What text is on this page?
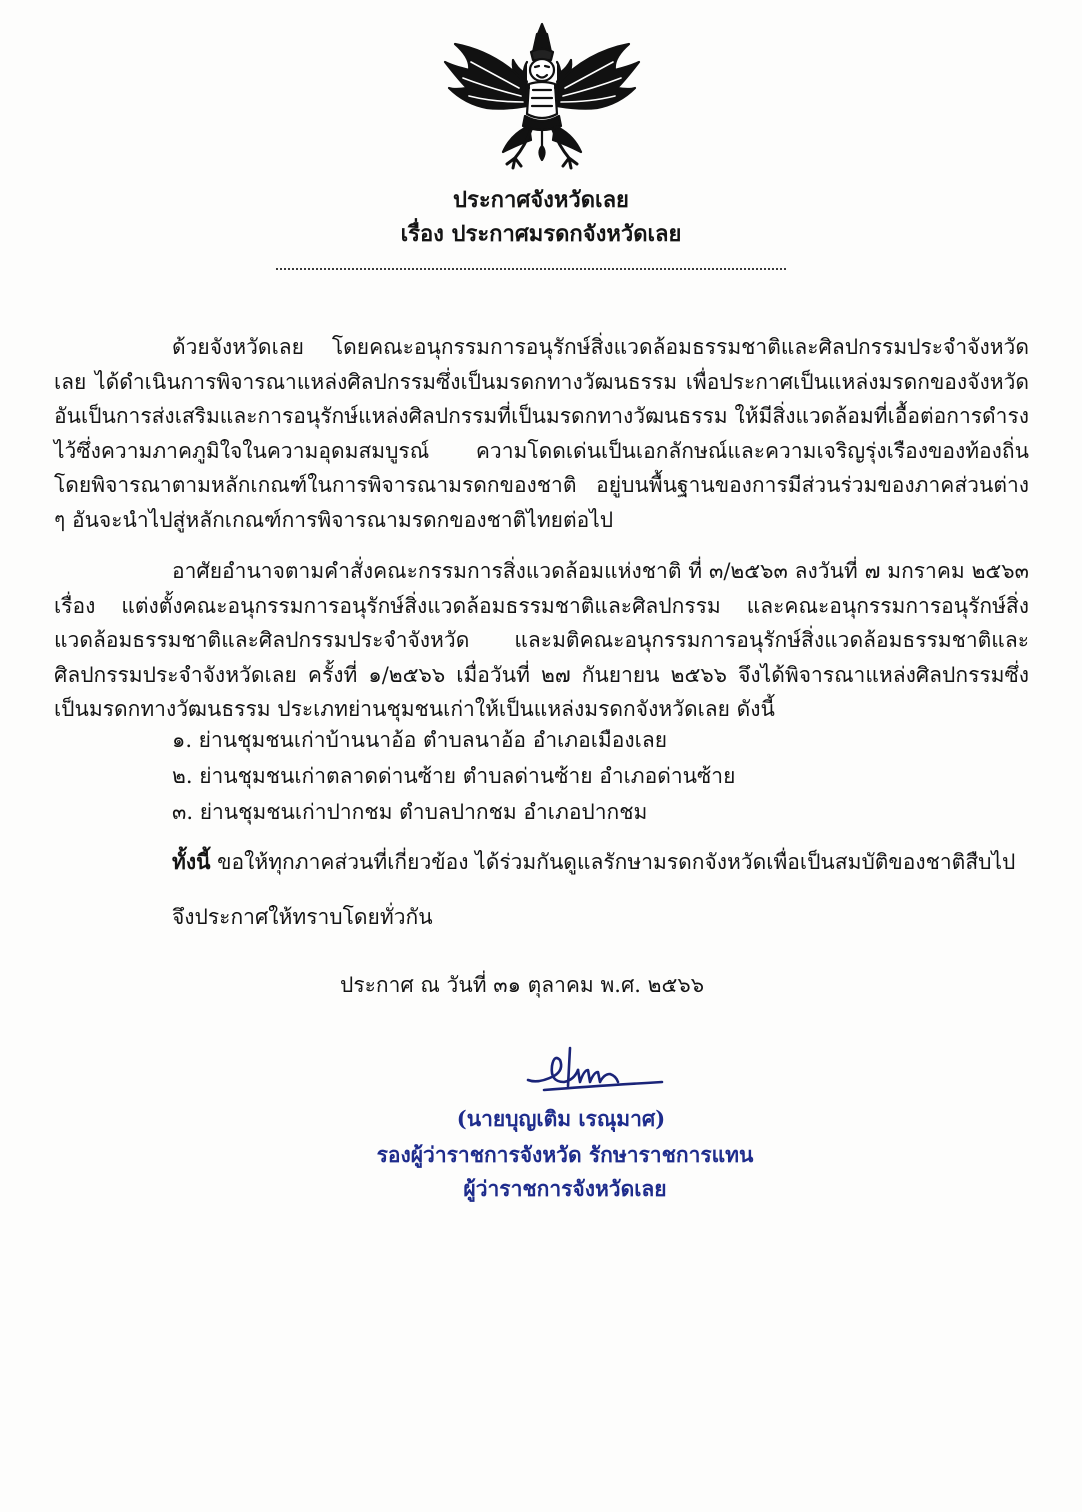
ประกาศจังหวัดเลย
เรื่อง ประกาศมรดกจังหวัดเลย

ด้วยจังหวัดเลย โดยคณะอนุกรรมการอนุรักษ์สิ่งแวดล้อมธรรมชาติและศิลปกรรมประจำจังหวัดเลย ได้ดำเนินการพิจารณาแหล่งศิลปกรรมซึ่งเป็นมรดกทางวัฒนธรรม เพื่อประกาศเป็นแหล่งมรดกของจังหวัด อันเป็นการส่งเสริมและการอนุรักษ์แหล่งศิลปกรรมที่เป็นมรดกทางวัฒนธรรม ให้มีสิ่งแวดล้อมที่เอื้อต่อการดำรงไว้ซึ่งความภาคภูมิใจในความอุดมสมบูรณ์ ความโดดเด่นเป็นเอกลักษณ์และความเจริญรุ่งเรืองของท้องถิ่น โดยพิจารณาตามหลักเกณฑ์ในการพิจารณามรดกของชาติ อยู่บนพื้นฐานของการมีส่วนร่วมของภาคส่วนต่าง ๆ อันจะนำไปสู่หลักเกณฑ์การพิจารณามรดกของชาติไทยต่อไป

อาศัยอำนาจตามคำสั่งคณะกรรมการสิ่งแวดล้อมแห่งชาติ ที่ ๓/๒๕๖๓ ลงวันที่ ๗ มกราคม ๒๕๖๓ เรื่อง แต่งตั้งคณะอนุกรรมการอนุรักษ์สิ่งแวดล้อมธรรมชาติและศิลปกรรม และคณะอนุกรรมการอนุรักษ์สิ่งแวดล้อมธรรมชาติและศิลปกรรมประจำจังหวัด และมติคณะอนุกรรมการอนุรักษ์สิ่งแวดล้อมธรรมชาติและศิลปกรรมประจำจังหวัดเลย ครั้งที่ ๑/๒๕๖๖ เมื่อวันที่ ๒๗ กันยายน ๒๕๖๖ จึงได้พิจารณาแหล่งศิลปกรรมซึ่งเป็นมรดกทางวัฒนธรรม ประเภทย่านชุมชนเก่าให้เป็นแหล่งมรดกจังหวัดเลย ดังนี้

๑. ย่านชุมชนเก่าบ้านนาอ้อ ตำบลนาอ้อ อำเภอเมืองเลย
๒. ย่านชุมชนเก่าตลาดด่านซ้าย ตำบลด่านซ้าย อำเภอด่านซ้าย
๓. ย่านชุมชนเก่าปากชม ตำบลปากชม อำเภอปากชม
ทั้งนี้ ขอให้ทุกภาคส่วนที่เกี่ยวข้อง ได้ร่วมกันดูแลรักษามรดกจังหวัดเพื่อเป็นสมบัติของชาติสืบไป
จึงประกาศให้ทราบโดยทั่วกัน
ประกาศ ณ วันที่ ๓๑ ตุลาคม พ.ศ. ๒๕๖๖
(นายบุญเติม เรณุมาศ)
รองผู้ว่าราชการจังหวัด รักษาราชการแทน
ผู้ว่าราชการจังหวัดเลย
